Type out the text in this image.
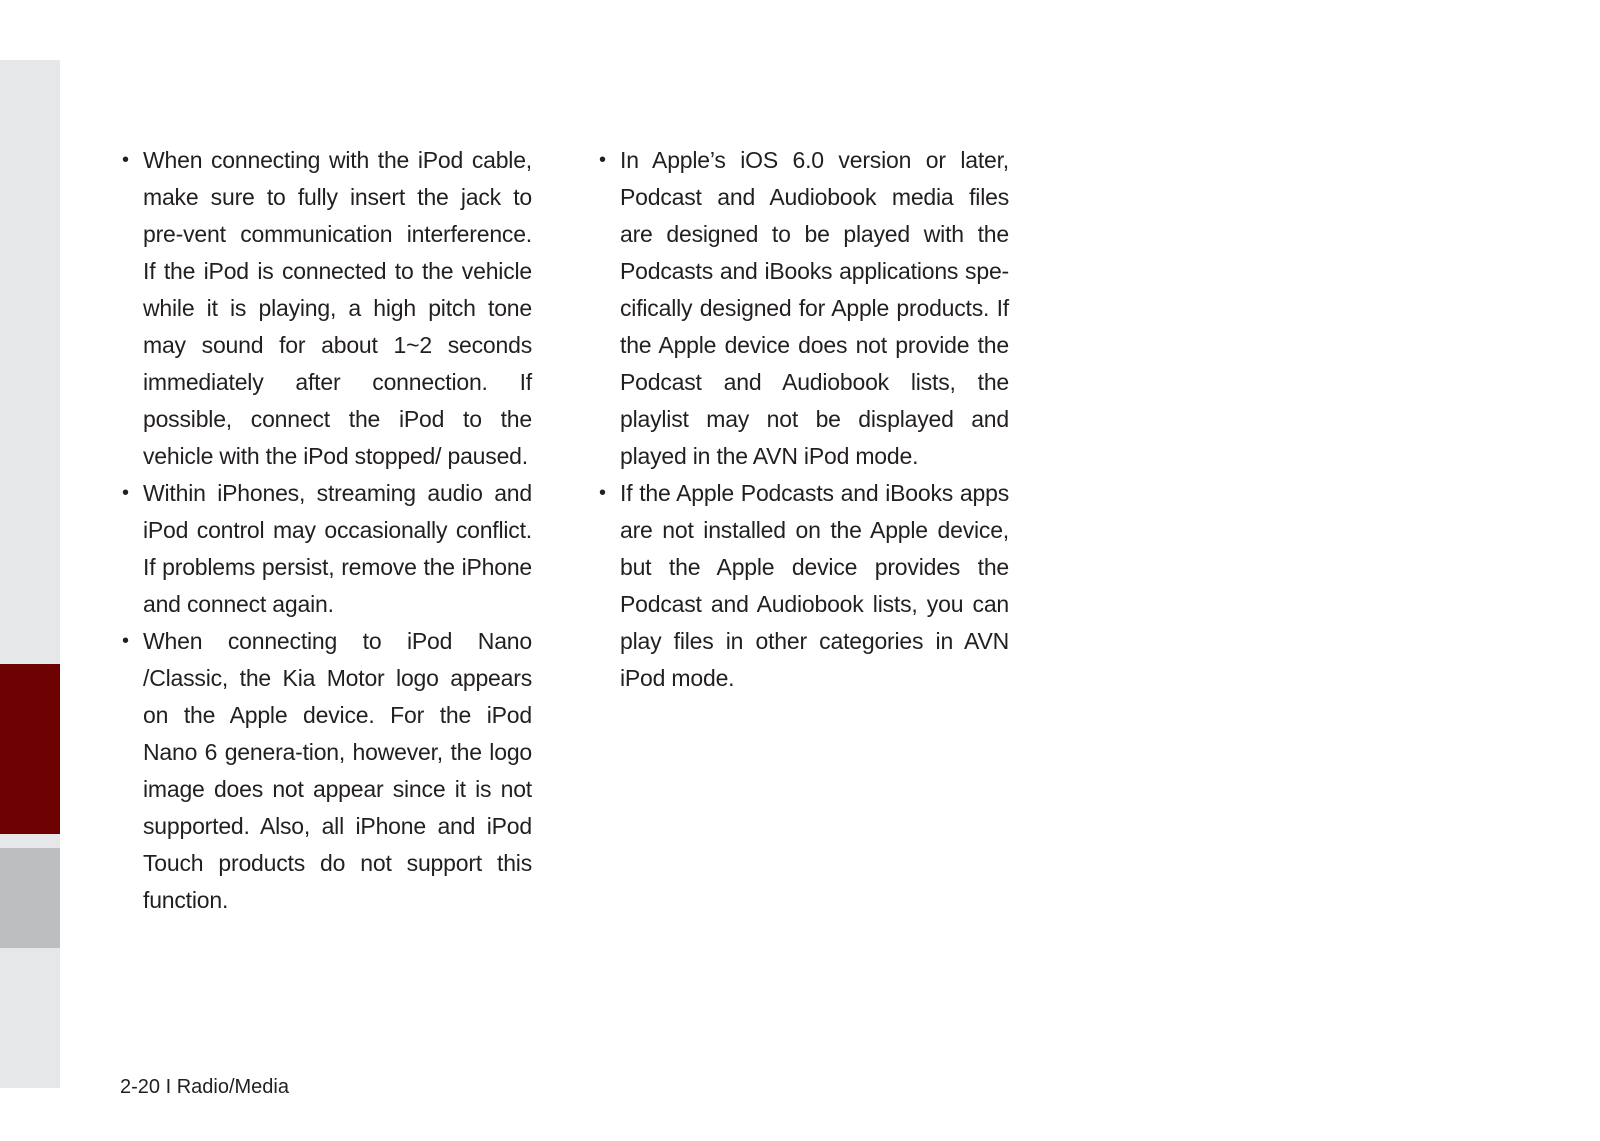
• When connecting with the iPod cable, make sure to fully insert the jack to pre-vent communication interference. If the iPod is connected to the vehicle while it is playing, a high pitch tone may sound for about 1~2 seconds immediately after connection. If possible, connect the iPod to the vehicle with the iPod stopped/ paused.
• Within iPhones, streaming audio and iPod control may occasionally conflict. If problems persist, remove the iPhone and connect again.
• When connecting to iPod Nano /Classic, the Kia Motor logo appears on the Apple device. For the iPod Nano 6 genera-tion, however, the logo image does not appear since it is not supported. Also, all iPhone and iPod Touch products do not support this function.
• In Apple’s iOS 6.0 version or later, Podcast and Audiobook media files are designed to be played with the Podcasts and iBooks applications spe-cifically designed for Apple products. If the Apple device does not provide the Podcast and Audiobook lists, the playlist may not be displayed and played in the AVN iPod mode.
• If the Apple Podcasts and iBooks apps are not installed on the Apple device, but the Apple device provides the Podcast and Audiobook lists, you can play files in other categories in AVN iPod mode.
2-20 I Radio/Media
